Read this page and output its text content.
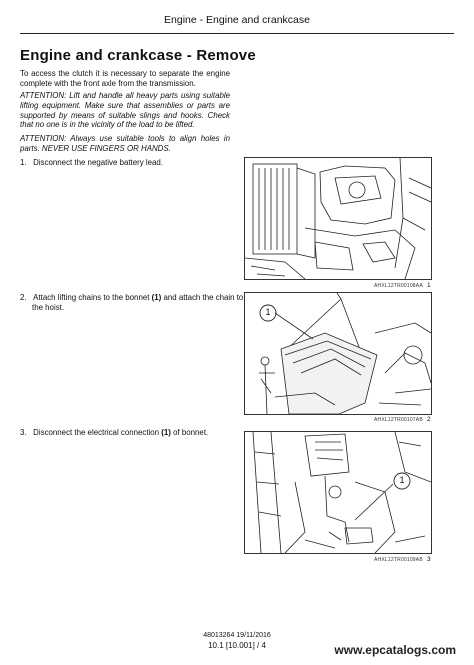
Engine - Engine and crankcase
Engine and crankcase - Remove
To access the clutch it is necessary to separate the engine complete with the front axle from the transmission.
ATTENTION: Lift and handle all heavy parts using suitable lifting equipment. Make sure that assemblies or parts are supported by means of suitable slings and hooks. Check that no one is in the vicinity of the load to be lifted.
ATTENTION: Always use suitable tools to align holes in parts. NEVER USE FINGERS OR HANDS.
1. Disconnect the negative battery lead.
2. Attach lifting chains to the bonnet (1) and attach the chain to the hoist.
3. Disconnect the electrical connection (1) of bonnet.
AHXL12TR00108AA 1
1
AHXL12TR00107AB 2
1
AHXL12TR00109AB 3
48013264 19/11/2016
10.1 [10.001] / 4	www.epcatalogs.com
